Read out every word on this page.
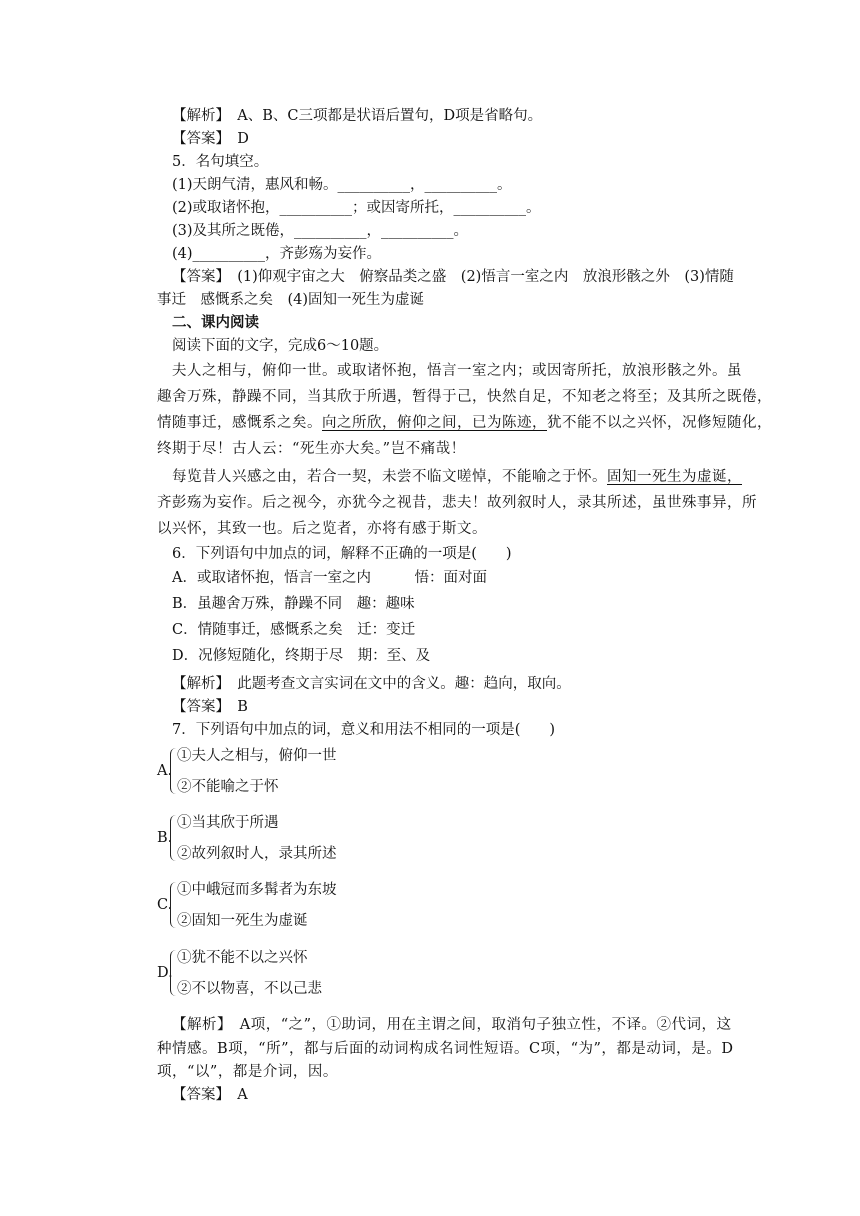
【解析】　A、B、C三项都是状语后置句，D项是省略句。
【答案】　D
5．名句填空。
(1)天朗气清，惠风和畅。__________，__________。
(2)或取诸怀抱，__________；或因寄所托，__________。
(3)及其所之既倦，__________，__________。
(4)__________，齐彭殇为妄作。
【答案】　(1)仰观宇宙之大　俯察品类之盛　(2)悟言一室之内　放浪形骸之外　(3)情随
事迁　感慨系之矣　(4)固知一死生为虚诞
二、课内阅读
阅读下面的文字，完成6～10题。
夫人之相与，俯仰一世。或取诸怀抱，悟言一室之内；或因寄所托，放浪形骸之外。虽
趣舍万殊，静躁不同，当其欣于所遇，暂得于己，快然自足，不知老之将至；及其所之既倦，
情随事迁，感慨系之矣。向之所欣，俯仰之间，已为陈迹，犹不能不以之兴怀，况修短随化，
终期于尽！古人云：“死生亦大矣。”岂不痛哉！
每览昔人兴感之由，若合一契，未尝不临文嗟悼，不能喻之于怀。固知一死生为虚诞，
齐彭殇为妄作。后之视今，亦犹今之视昔，悲夫！故列叙时人，录其所述，虽世殊事异，所
以兴怀，其致一也。后之览者，亦将有感于斯文。
6．下列语句中加点的词，解释不正确的一项是(　　)
A．或取诸怀抱，悟言一室之内　　　悟：面对面
B．虽趣舍万殊，静躁不同　趣：趣味
C．情随事迁，感慨系之矣　迁：变迁
D．况修短随化，终期于尽　期：至、及
【解析】　此题考查文言实词在文中的含义。趣：趋向，取向。
【答案】　B
7．下列语句中加点的词，意义和用法不相同的一项是(　　)
A.
①夫人之相与，俯仰一世
②不能喻之于怀
B.
①当其欣于所遇
②故列叙时人，录其所述
C.
①中峨冠而多髯者为东坡
②固知一死生为虚诞
D.
①犹不能不以之兴怀
②不以物喜，不以己悲
【解析】　A项，“之”，①助词，用在主谓之间，取消句子独立性，不译。②代词，这
种情感。B项，“所”，都与后面的动词构成名词性短语。C项，“为”，都是动词，是。D
项，“以”，都是介词，因。
【答案】　A
